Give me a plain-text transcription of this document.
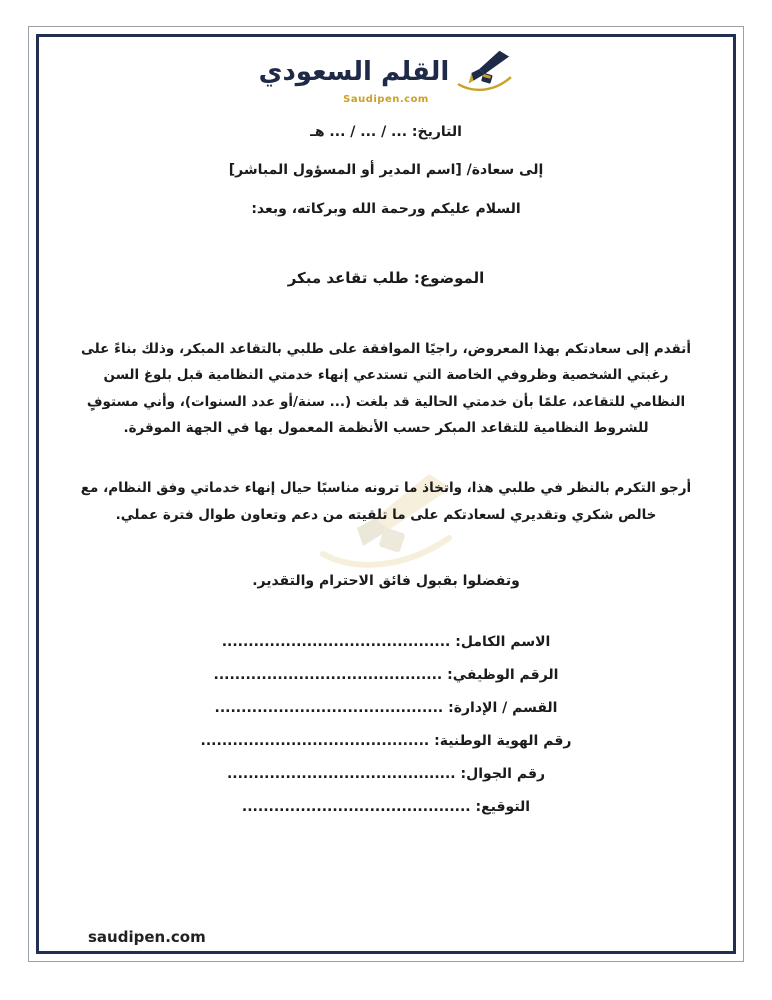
القلم السعودي
Saudipen.com

التاريخ: ... / ... / ... هـ

إلى سعادة/ [اسم المدير أو المسؤول المباشر]

السلام عليكم ورحمة الله وبركاته، وبعد:

الموضوع: طلب تقاعد مبكر

أتقدم إلى سعادتكم بهذا المعروض، راجيًا الموافقة على طلبي بالتقاعد المبكر، وذلك بناءً على رغبتي الشخصية وظروفي الخاصة التي تستدعي إنهاء خدمتي النظامية قبل بلوغ السن النظامي للتقاعد، علمًا بأن خدمتي الحالية قد بلغت (... سنة/أو عدد السنوات)، وأني مستوفٍ للشروط النظامية للتقاعد المبكر حسب الأنظمة المعمول بها في الجهة الموقرة.

أرجو التكرم بالنظر في طلبي هذا، واتخاذ ما ترونه مناسبًا حيال إنهاء خدماتي وفق النظام، مع خالص شكري وتقديري لسعادتكم على ما تلقيته من دعم وتعاون طوال فترة عملي.

وتفضلوا بقبول فائق الاحترام والتقدير.

الاسم الكامل: ...........................................
الرقم الوظيفي: ...........................................
القسم / الإدارة: ...........................................
رقم الهوية الوطنية: ...........................................
رقم الجوال: ...........................................
التوقيع: ...........................................
saudipen.com
